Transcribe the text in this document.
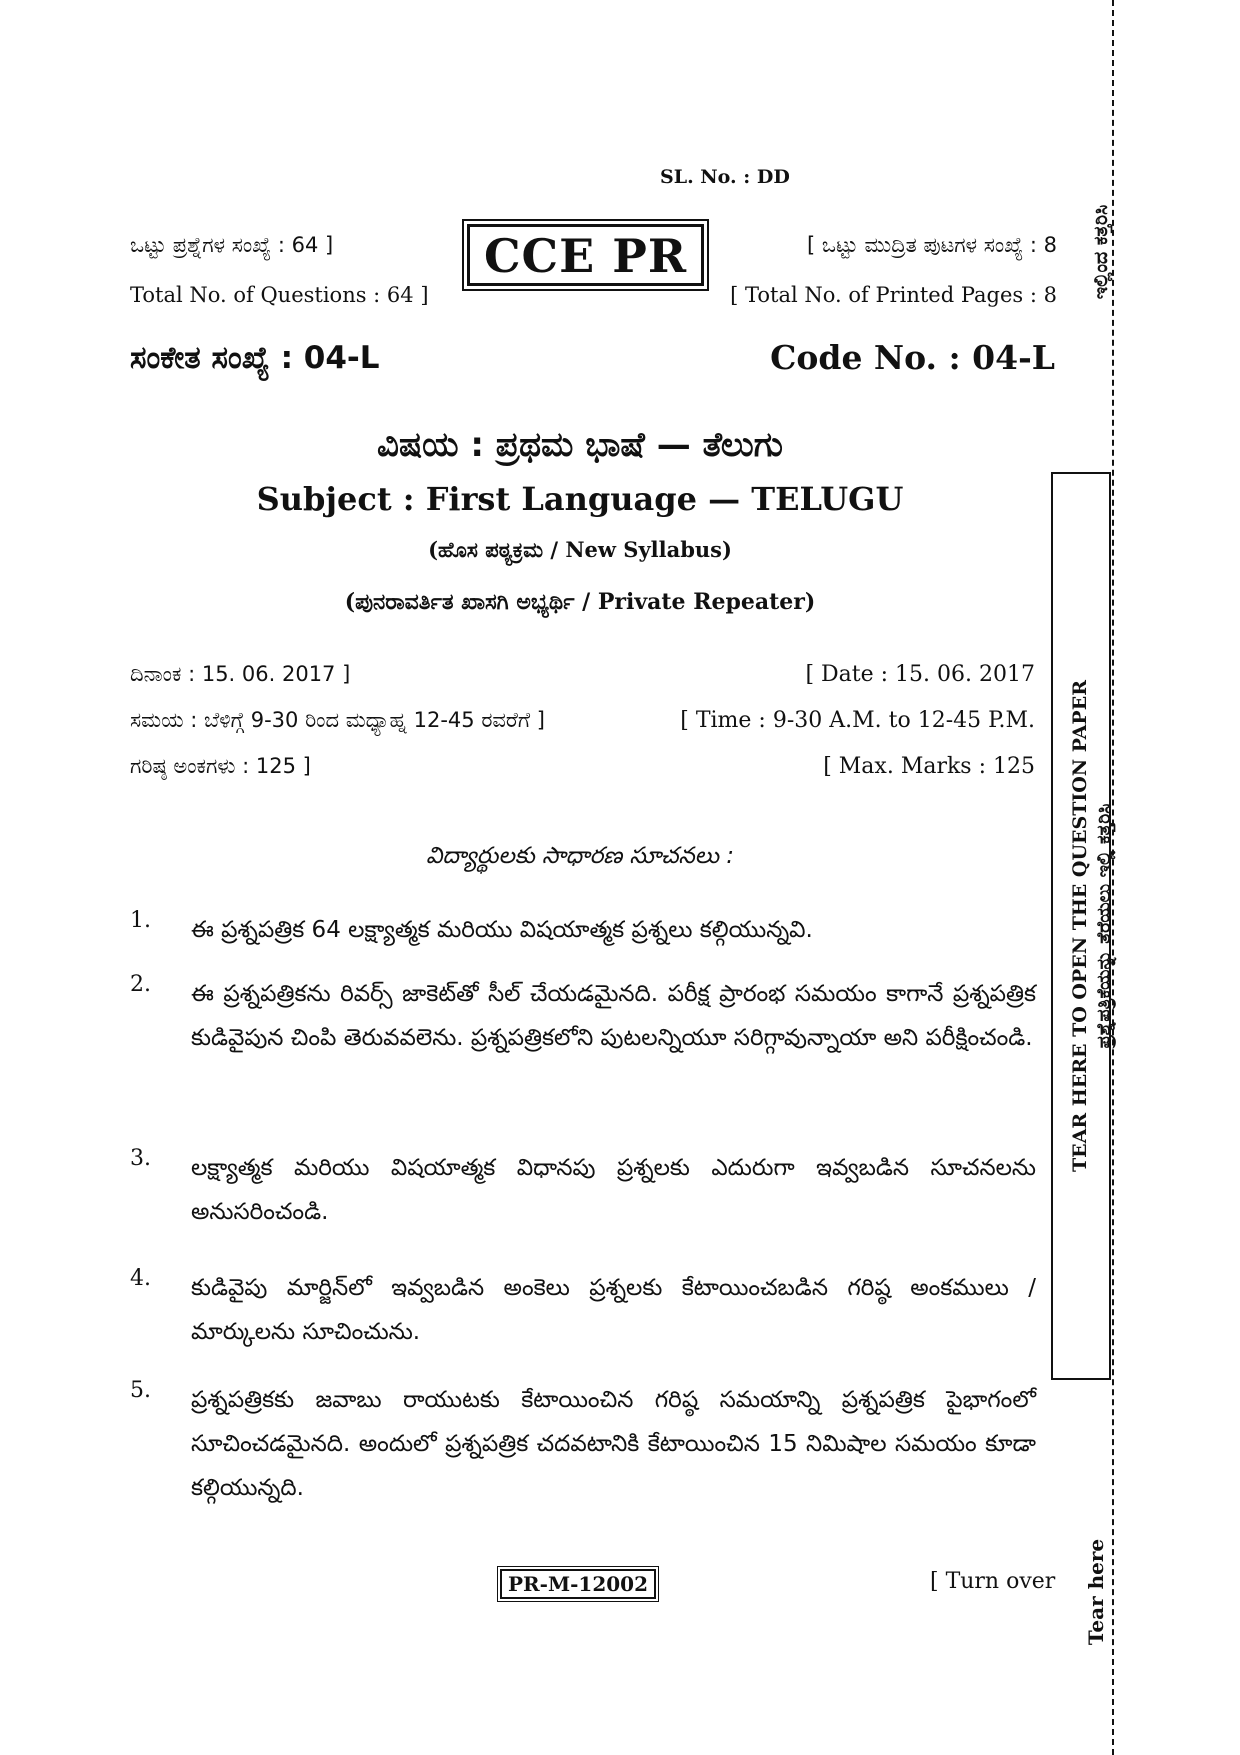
SL. No. : DD
CCE PR
ಒಟ್ಟು ಪ್ರಶ್ನೆಗಳ ಸಂಖ್ಯೆ : 64 ]
Total No. of Questions : 64 ]
[ ಒಟ್ಟು ಮುದ್ರಿತ ಪುಟಗಳ ಸಂಖ್ಯೆ : 8
[ Total No. of Printed Pages : 8
ಸಂಕೇತ ಸಂಖ್ಯೆ : 04-L	Code No. : 04-L
ವಿಷಯ : ಪ್ರಥಮ ಭಾಷೆ — ತೆಲುಗು
Subject : First Language — TELUGU
(ಹೊಸ ಪಠ್ಯಕ್ರಮ / New Syllabus)
(ಪುನರಾವರ್ತಿತ ಖಾಸಗಿ ಅಭ್ಯರ್ಥಿ / Private Repeater)
ದಿನಾಂಕ : 15. 06. 2017 ]	[ Date : 15. 06. 2017
ಸಮಯ : ಬೆಳಿಗ್ಗೆ 9-30 ರಿಂದ ಮಧ್ಯಾಹ್ನ 12-45 ರವರೆಗೆ ]	[ Time : 9-30 A.M. to 12-45 P.M.
ಗರಿಷ್ಠ ಅಂಕಗಳು : 125 ]	[ Max. Marks : 125
విద్యార్థులకు సాధారణ సూచనలు :
1. ఈ ప్రశ్నపత్రిక 64 లక్ష్యాత్మక మరియు విషయాత్మక ప్రశ్నలు కల్గియున్నవి.
2. ఈ ప్రశ్నపత్రికను రివర్స్ జాకెట్‌తో సీల్ చేయడమైనది. పరీక్ష ప్రారంభ సమయం కాగానే ప్రశ్నపత్రిక కుడివైపున చింపి తెరువవలెను. ప్రశ్నపత్రికలోని పుటలన్నియూ సరిగ్గావున్నాయా అని పరీక్షించండి.
3. లక్ష్యాత్మక మరియు విషయాత్మక విధానపు ప్రశ్నలకు ఎదురుగా ఇవ్వబడిన సూచనలను అనుసరించండి.
4. కుడివైపు మార్జిన్‌లో ఇవ్వబడిన అంకెలు ప్రశ్నలకు కేటాయించబడిన గరిష్ఠ అంకములు / మార్కులను సూచించును.
5. ప్రశ్నపత్రికకు జవాబు రాయుటకు కేటాయించిన గరిష్ఠ సమయాన్ని ప్రశ్నపత్రిక పైభాగంలో సూచించడమైనది. అందులో ప్రశ్నపత్రిక చదవటానికి కేటాయించిన 15 నిమిషాల సమయం కూడా కల్గియున్నది.
PR-M-12002	[ Turn over
TEAR HERE TO OPEN THE QUESTION PAPER ಪ್ರಶ್ನೆಪತ್ರಿಕೆಯನ್ನು ತೆರೆಯಲು ಇಲ್ಲಿ ಕತ್ತರಿಸಿ
ಇಲ್ಲಿಂದ ಕತ್ತರಿಸಿ
Tear here
